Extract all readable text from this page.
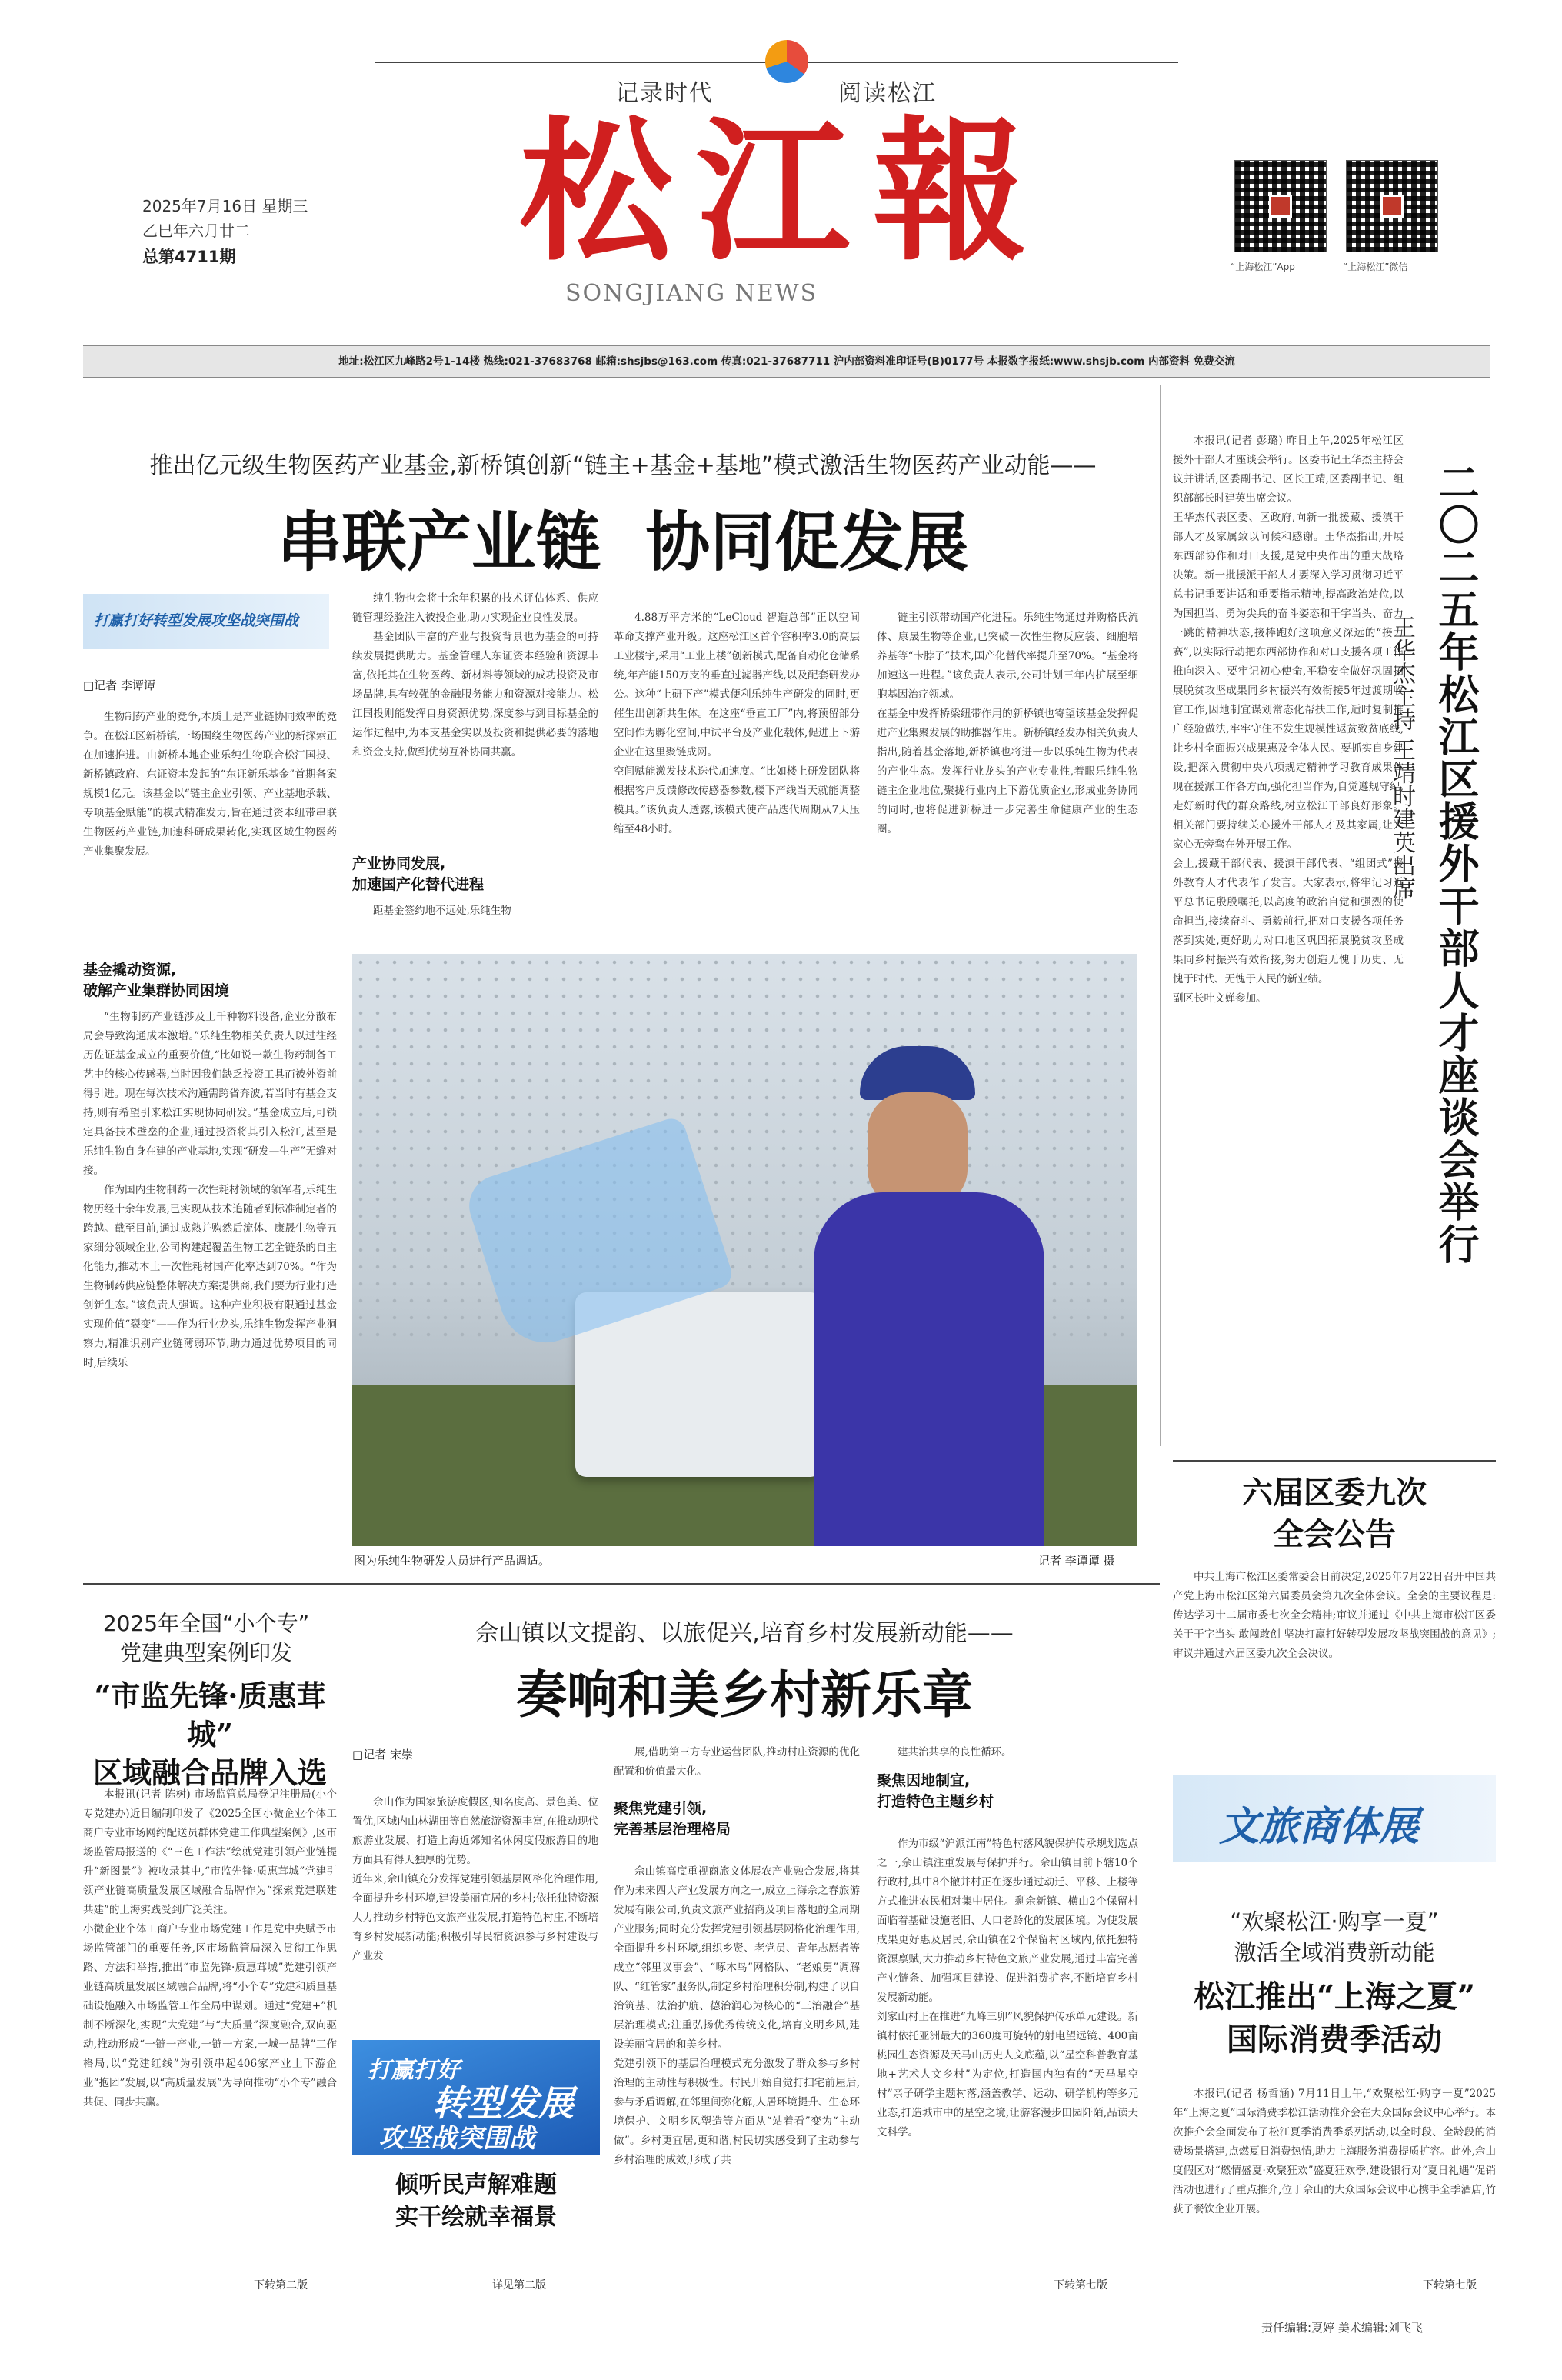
记录时代	阅读松江
松江報
SONGJIANG NEWS
2025年7月16日 星期三
乙巳年六月廿二
总第4711期
“上海松江”App	“上海松江”微信
地址:松江区九峰路2号1-14楼 热线:021-37683768 邮箱:shsjbs@163.com 传真:021-37687711 沪内部资料准印证号(B)0177号 本报数字报纸:www.shsjb.com 内部资料 免费交流
推出亿元级生物医药产业基金,新桥镇创新“链主+基金+基地”模式激活生物医药产业动能——
串联产业链  协同促发展
打赢打好转型发展攻坚战突围战
□记者 李谭谭

生物制药产业的竞争,本质上是产业链协同效率的竞争。在松江区新桥镇,一场围绕生物医药产业的新探索正在加速推进。由新桥本地企业乐纯生物联合松江国投、新桥镇政府、东证资本发起的“东证新乐基金”首期备案规模1亿元。该基金以“链主企业引领、产业基地承载、专项基金赋能”的模式精准发力,旨在通过资本纽带串联生物医药产业链,加速科研成果转化,实现区域生物医药产业集聚发展。

基金撬动资源,
破解产业集群协同困境

“生物制药产业链涉及上千种物料设备,企业分散布局会导致沟通成本激增。”乐纯生物相关负责人以过往经历佐证基金成立的重要价值,“比如说一款生物药制备工艺中的核心传感器,当时因我们缺乏投资工具而被外资前得引进。现在每次技术沟通需跨省奔波,若当时有基金支持,则有希望引来松江实现协同研发。”基金成立后,可锁定具备技术壁垒的企业,通过投资将其引入松江,甚至是乐纯生物自身在建的产业基地,实现“研发—生产”无缝对接。

作为国内生物制药一次性耗材领域的领军者,乐纯生物历经十余年发展,已实现从技术追随者到标准制定者的跨越。截至目前,通过成熟并购然后流体、康晟生物等五家细分领域企业,公司构建起覆盖生物工艺全链条的自主化能力,推动本土一次性耗材国产化率达到70%。“作为生物制药供应链整体解决方案提供商,我们要为行业打造创新生态。”该负责人强调。这种产业积极有限通过基金实现价值“裂变”——作为行业龙头,乐纯生物发挥产业洞察力,精准识别产业链薄弱环节,助力通过优势项目的同时,后续乐

纯生物也会将十余年积累的技术评估体系、供应链管理经验注入被投企业,助力实现企业良性发展。

基金团队丰富的产业与投资背景也为基金的可持续发展提供助力。基金管理人东证资本经验和资源丰富,依托其在生物医药、新材料等领域的成功投资及市场品牌,具有较强的金融服务能力和资源对接能力。松江国投则能发挥自身资源优势,深度参与到目标基金的运作过程中,为本支基金实以及投资和提供必要的落地和资金支持,做到优势互补协同共赢。

产业协同发展,
加速国产化替代进程

距基金签约地不远处,乐纯生物

4.88万平方米的“LeCloud 智造总部”正以空间革命支撑产业升级。这座松江区首个容积率3.0的高层工业楼宇,采用“工业上楼”创新模式,配备自动化仓储系统,年产能150万支的垂直过滤器产线,以及配套研发办公。这种“上研下产”模式便利乐纯生产研发的同时,更催生出创新共生体。在这座“垂直工厂”内,将预留部分空间作为孵化空间,中试平台及产业化载体,促进上下游企业在这里聚链成网。
空间赋能激发技术迭代加速度。“比如楼上研发团队将根据客户反馈修改传感器参数,楼下产线当天就能调整模具。”该负责人透露,该模式使产品迭代周期从7天压缩至48小时。

链主引领带动国产化进程。乐纯生物通过并购格氏流体、康晟生物等企业,已突破一次性生物反应袋、细胞培养基等“卡脖子”技术,国产化替代率提升至70%。“基金将加速这一进程。”该负责人表示,公司计划三年内扩展至细胞基因治疗领域。
在基金中发挥桥梁纽带作用的新桥镇也寄望该基金发挥促进产业集聚发展的助推器作用。新桥镇经发办相关负责人指出,随着基金落地,新桥镇也将进一步以乐纯生物为代表的产业生态。发挥行业龙头的产业专业性,着眼乐纯生物链主企业地位,聚拢行业内上下游优质企业,形成业务协同的同时,也将促进新桥进一步完善生命健康产业的生态圈。

图为乐纯生物研发人员进行产品调适。	记者 李谭谭 摄

本报讯(记者 彭璐) 昨日上午,2025年松江区援外干部人才座谈会举行。区委书记王华杰主持会议并讲话,区委副书记、区长王靖,区委副书记、组织部部长时建英出席会议。
王华杰代表区委、区政府,向新一批援藏、援滇干部人才及家属致以问候和感谢。王华杰指出,开展东西部协作和对口支援,是党中央作出的重大战略决策。新一批援派干部人才要深入学习贯彻习近平总书记重要讲话和重要指示精神,提高政治站位,以为国担当、勇为尖兵的奋斗姿态和干字当头、奋力一跳的精神状态,接棒跑好这项意义深远的“接力赛”,以实际行动把东西部协作和对口支援各项工作推向深入。要牢记初心使命,平稳安全做好巩固拓展脱贫攻坚成果同乡村振兴有效衔接5年过渡期收官工作,因地制宜谋划常态化帮扶工作,适时复制推广经验做法,牢牢守住不发生规模性返贫致贫底线,让乡村全面振兴成果惠及全体人民。要抓实自身建设,把深入贯彻中央八项规定精神学习教育成果体现在援派工作各方面,强化担当作为,自觉遵规守纪,走好新时代的群众路线,树立松江干部良好形象。相关部门要持续关心援外干部人才及其家属,让大家心无旁骛在外开展工作。
会上,援藏干部代表、援滇干部代表、“组团式”援外教育人才代表作了发言。大家表示,将牢记习近平总书记殷殷嘱托,以高度的政治自觉和强烈的使命担当,接续奋斗、勇毅前行,把对口支援各项任务落到实处,更好助力对口地区巩固拓展脱贫攻坚成果同乡村振兴有效衔接,努力创造无愧于历史、无愧于时代、无愧于人民的新业绩。
副区长叶文婵参加。	二〇二五年松江区援外干部人才座谈会举行
王华杰主持 王靖时建英出席
六届区委九次
全会公告

中共上海市松江区委常委会日前决定,2025年7月22日召开中国共产党上海市松江区第六届委员会第九次全体会议。全会的主要议程是:传达学习十二届市委七次全会精神;审议并通过《中共上海市松江区委关于干字当头 敢闯敢创 坚决打赢打好转型发展攻坚战突围战的意见》;审议并通过六届区委九次全会决议。

2025年全国“小个专”
党建典型案例印发
“市监先锋·质惠茸城”
区域融合品牌入选

本报讯(记者 陈树) 市场监管总局登记注册局(小个专党建办)近日编制印发了《2025全国小微企业个体工商户专业市场网约配送员群体党建工作典型案例》,区市场监管局报送的《“三色工作法”绘就党建引领产业链提升“新图景”》被收录其中,“市监先锋·质惠茸城”党建引领产业链高质量发展区域融合品牌作为“探索党建联建共建”的上海实践受到广泛关注。
小微企业个体工商户专业市场党建工作是党中央赋予市场监管部门的重要任务,区市场监管局深入贯彻工作思路、方法和举措,推出“市监先锋·质惠茸城”党建引领产业链高质量发展区域融合品牌,将“小个专”党建和质量基础设施融入市场监管工作全局中谋划。通过“党建+”机制不断深化,实现“大党建”与“大质量”深度融合,双向驱动,推动形成“一链一产业,一链一方案,一城一品牌”工作格局,以“党建红线”为引领串起406家产业上下游企业“抱团”发展,以“高质量发展”为导向推动“小个专”融合共促、同步共赢。

下转第二版
佘山镇以文提韵、以旅促兴,培育乡村发展新动能——
奏响和美乡村新乐章
□记者 宋崇

佘山作为国家旅游度假区,知名度高、景色美、位置优,区域内山林湖田等自然旅游资源丰富,在推动现代旅游业发展、打造上海近郊知名休闲度假旅游目的地方面具有得天独厚的优势。
近年来,佘山镇充分发挥党建引领基层网格化治理作用,全面提升乡村环境,建设美丽宜居的乡村;依托独特资源大力推动乡村特色文旅产业发展,打造特色村庄,不断培育乡村发展新动能;积极引导民宿资源参与乡村建设与产业发

展,借助第三方专业运营团队,推动村庄资源的优化配置和价值最大化。

聚焦党建引领,
完善基层治理格局

佘山镇高度重视商旅文体展农产业融合发展,将其作为未来四大产业发展方向之一,成立上海佘之春旅游发展有限公司,负责文旅产业招商及项目落地的全周期产业服务;同时充分发挥党建引领基层网格化治理作用,全面提升乡村环境,组织乡贤、老党员、青年志愿者等成立“邻里议事会”、“啄木鸟”网格队、“老娘舅”调解队、“红管家”服务队,制定乡村治理积分制,构建了以自治筑基、法治护航、德治润心为核心的“三治融合”基层治理模式;注重弘扬优秀传统文化,培育文明乡风,建设美丽宜居的和美乡村。
党建引领下的基层治理模式充分激发了群众参与乡村治理的主动性与积极性。村民开始自觉打扫宅前屋后,参与矛盾调解,在邻里间弥化解,人居环境提升、生态环境保护、文明乡风塑造等方面从“站着看”变为“主动做”。乡村更宜居,更和谐,村民切实感受到了主动参与乡村治理的成效,形成了共

建共治共享的良性循环。

聚焦因地制宜,
打造特色主题乡村

作为市级“沪派江南”特色村落风貌保护传承规划选点之一,佘山镇注重发展与保护并行。佘山镇目前下辖10个行政村,其中8个撤并村正在逐步通过动迁、平移、上楼等方式推进农民相对集中居住。剩余新镇、横山2个保留村面临着基础设施老旧、人口老龄化的发展困境。为使发展成果更好惠及居民,佘山镇在2个保留村区域内,依托独特资源禀赋,大力推动乡村特色文旅产业发展,通过丰富完善产业链条、加强项目建设、促进消费扩容,不断培育乡村发展新动能。
刘家山村正在推进“九峰三卯”风貌保护传承单元建设。新镇村依托亚洲最大的360度可旋转的射电望远镜、400亩桃园生态资源及天马山历史人文底蕴,以“星空科普教育基地+艺术人文乡村”为定位,打造国内独有的“天马星空村”亲子研学主题村落,涵盖教学、运动、研学机构等多元业态,打造城市中的星空之境,让游客漫步田园阡陌,品读天文科学。

打赢打好
转型发展
攻坚战突围战
倾听民声解难题
实干绘就幸福景
详见第二版	下转第七版
文旅商体展
“欢聚松江·购享一夏”
激活全域消费新动能
松江推出“上海之夏”
国际消费季活动

本报讯(记者 杨哲涵) 7月11日上午,“欢聚松江·购享一夏”2025年“上海之夏”国际消费季松江活动推介会在大众国际会议中心举行。本次推介会全面发布了松江夏季消费季系列活动,以全时段、全龄段的消费场景搭建,点燃夏日消费热情,助力上海服务消费提质扩容。此外,佘山度假区对“燃情盛夏·欢聚狂欢”盛夏狂欢季,建设银行对“夏日礼遇”促销活动也进行了重点推介,位于佘山的大众国际会议中心携手全季酒店,竹荻子餐饮企业开展。

下转第七版
责任编辑:夏婷 美术编辑:刘飞飞
